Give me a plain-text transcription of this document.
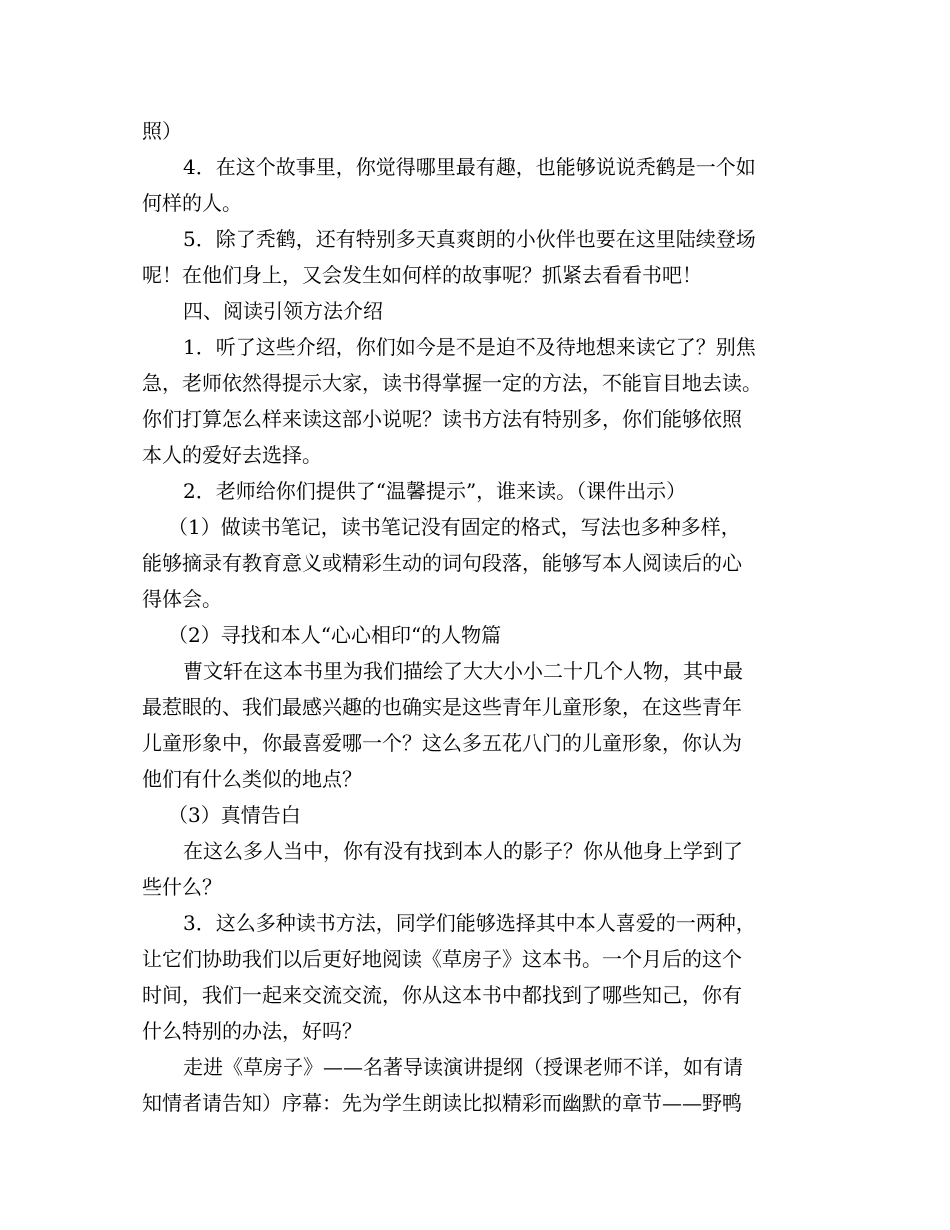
照）
4．在这个故事里，你觉得哪里最有趣，也能够说说秃鹤是一个如
何样的人。
5．除了秃鹤，还有特别多天真爽朗的小伙伴也要在这里陆续登场
呢！在他们身上，又会发生如何样的故事呢？抓紧去看看书吧！
四、阅读引领方法介绍
1．听了这些介绍，你们如今是不是迫不及待地想来读它了？别焦
急，老师依然得提示大家，读书得掌握一定的方法，不能盲目地去读。
你们打算怎么样来读这部小说呢？读书方法有特别多，你们能够依照
本人的爱好去选择。
2．老师给你们提供了“温馨提示”，谁来读。（课件出示）
（1）做读书笔记，读书笔记没有固定的格式，写法也多种多样，
能够摘录有教育意义或精彩生动的词句段落，能够写本人阅读后的心
得体会。
（2）寻找和本人“心心相印“的人物篇
曹文轩在这本书里为我们描绘了大大小小二十几个人物，其中最
最惹眼的、我们最感兴趣的也确实是这些青年儿童形象，在这些青年
儿童形象中，你最喜爱哪一个？这么多五花八门的儿童形象，你认为
他们有什么类似的地点？
（3）真情告白
在这么多人当中，你有没有找到本人的影子？你从他身上学到了
些什么？
3．这么多种读书方法，同学们能够选择其中本人喜爱的一两种，
让它们协助我们以后更好地阅读《草房子》这本书。一个月后的这个
时间，我们一起来交流交流，你从这本书中都找到了哪些知己，你有
什么特别的办法，好吗？
走进《草房子》——名著导读演讲提纲（授课老师不详，如有请
知情者请告知）序幕：先为学生朗读比拟精彩而幽默的章节——野鸭
